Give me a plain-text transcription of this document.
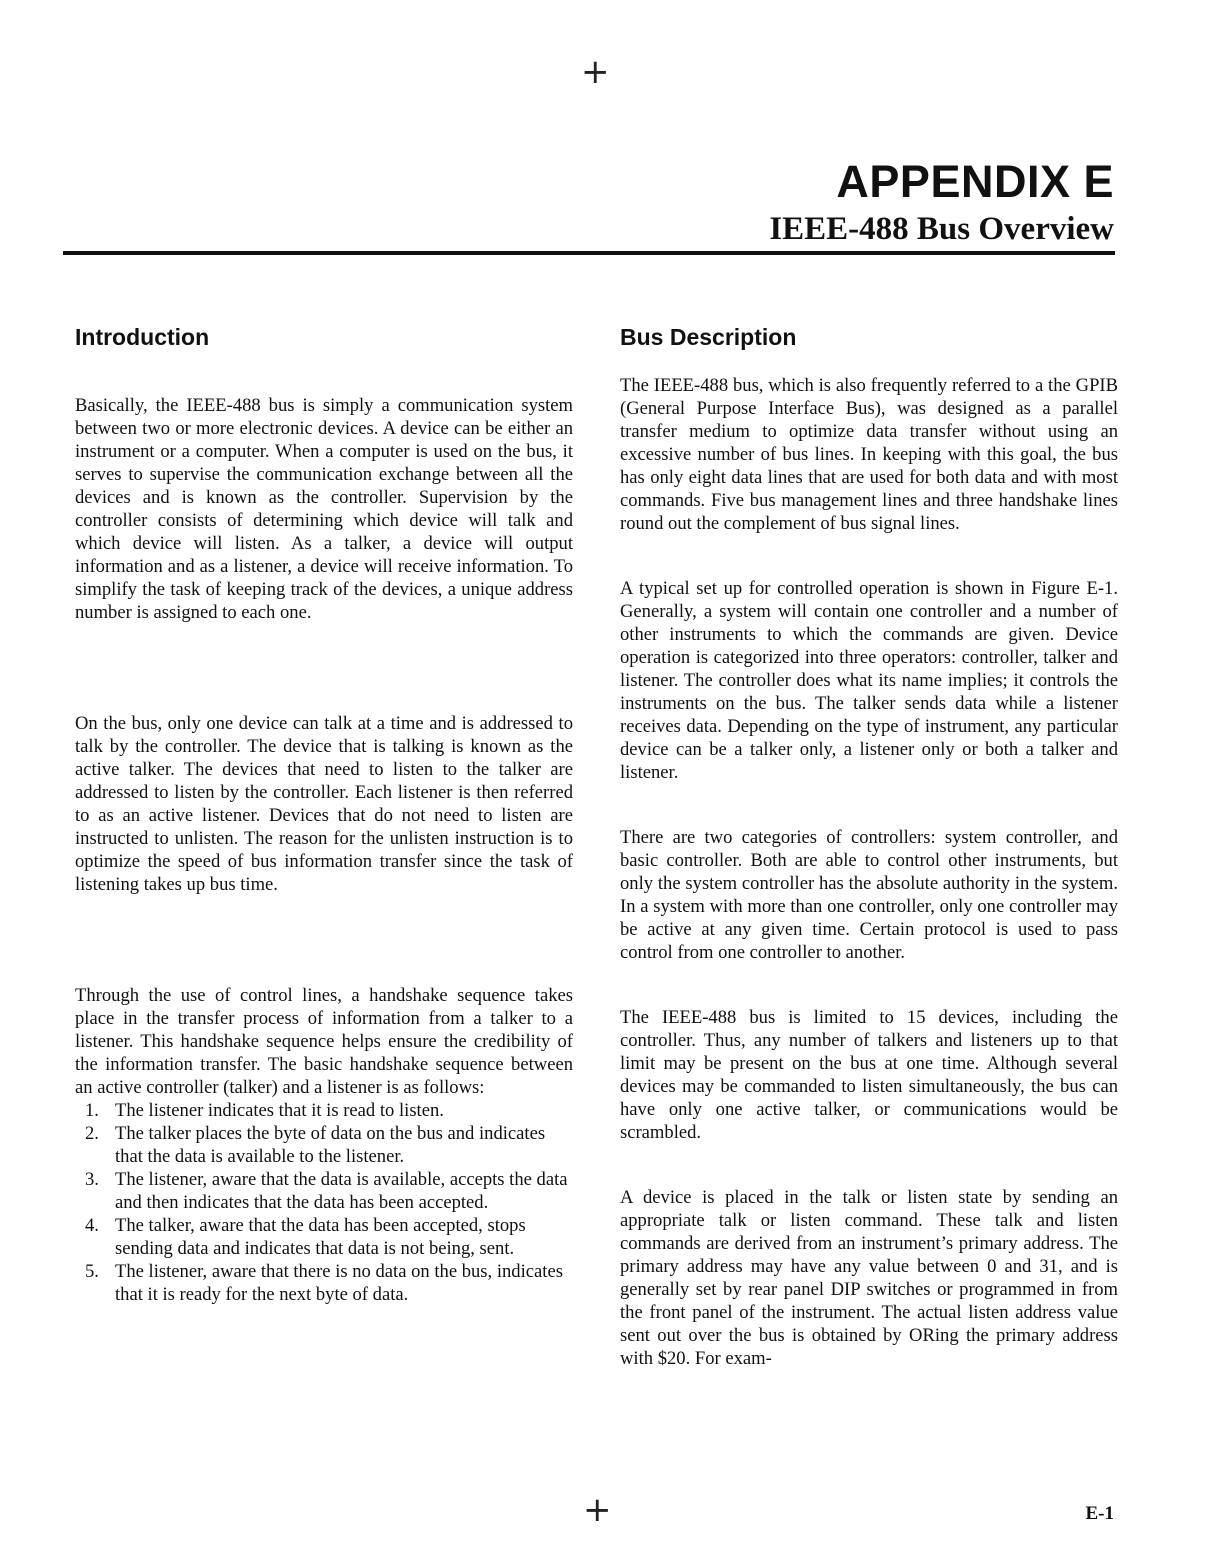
+
APPENDIX E
IEEE-488 Bus Overview
Introduction

Basically, the IEEE-488 bus is simply a communication system between two or more electronic devices. A device can be either an instrument or a computer. When a computer is used on the bus, it serves to supervise the communication exchange between all the devices and is known as the controller. Supervision by the controller consists of determining which device will talk and which device will listen. As a talker, a device will output information and as a listener, a device will receive information. To simplify the task of keeping track of the devices, a unique address number is assigned to each one.

On the bus, only one device can talk at a time and is addressed to talk by the controller. The device that is talking is known as the active talker. The devices that need to listen to the talker are addressed to listen by the controller. Each listener is then referred to as an active listener. Devices that do not need to listen are instructed to unlisten. The reason for the unlisten instruction is to optimize the speed of bus information transfer since the task of listening takes up bus time.

Through the use of control lines, a handshake sequence takes place in the transfer process of information from a talker to a listener. This handshake sequence helps ensure the credibility of the information transfer. The basic handshake sequence between an active controller (talker) and a listener is as follows:

1. The listener indicates that it is read to listen.
2. The talker places the byte of data on the bus and indicates that the data is available to the listener.
3. The listener, aware that the data is available, accepts the data and then indicates that the data has been accepted.
4. The talker, aware that the data has been accepted, stops sending data and indicates that data is not being, sent.
5. The listener, aware that there is no data on the bus, indicates that it is ready for the next byte of data.
Bus Description

The IEEE-488 bus, which is also frequently referred to a the GPIB (General Purpose Interface Bus), was designed as a parallel transfer medium to optimize data transfer without using an excessive number of bus lines. In keeping with this goal, the bus has only eight data lines that are used for both data and with most commands. Five bus management lines and three handshake lines round out the complement of bus signal lines.

A typical set up for controlled operation is shown in Figure E-1. Generally, a system will contain one controller and a number of other instruments to which the commands are given. Device operation is categorized into three operators: controller, talker and listener. The controller does what its name implies; it controls the instruments on the bus. The talker sends data while a listener receives data. Depending on the type of instrument, any particular device can be a talker only, a listener only or both a talker and listener.

There are two categories of controllers: system controller, and basic controller. Both are able to control other instruments, but only the system controller has the absolute authority in the system. In a system with more than one controller, only one controller may be active at any given time. Certain protocol is used to pass control from one controller to another.

The IEEE-488 bus is limited to 15 devices, including the controller. Thus, any number of talkers and listeners up to that limit may be present on the bus at one time. Although several devices may be commanded to listen simultaneously, the bus can have only one active talker, or communications would be scrambled.

A device is placed in the talk or listen state by sending an appropriate talk or listen command. These talk and listen commands are derived from an instrument’s primary address. The primary address may have any value between 0 and 31, and is generally set by rear panel DIP switches or programmed in from the front panel of the instrument. The actual listen address value sent out over the bus is obtained by ORing the primary address with $20. For exam-

+	E-1
